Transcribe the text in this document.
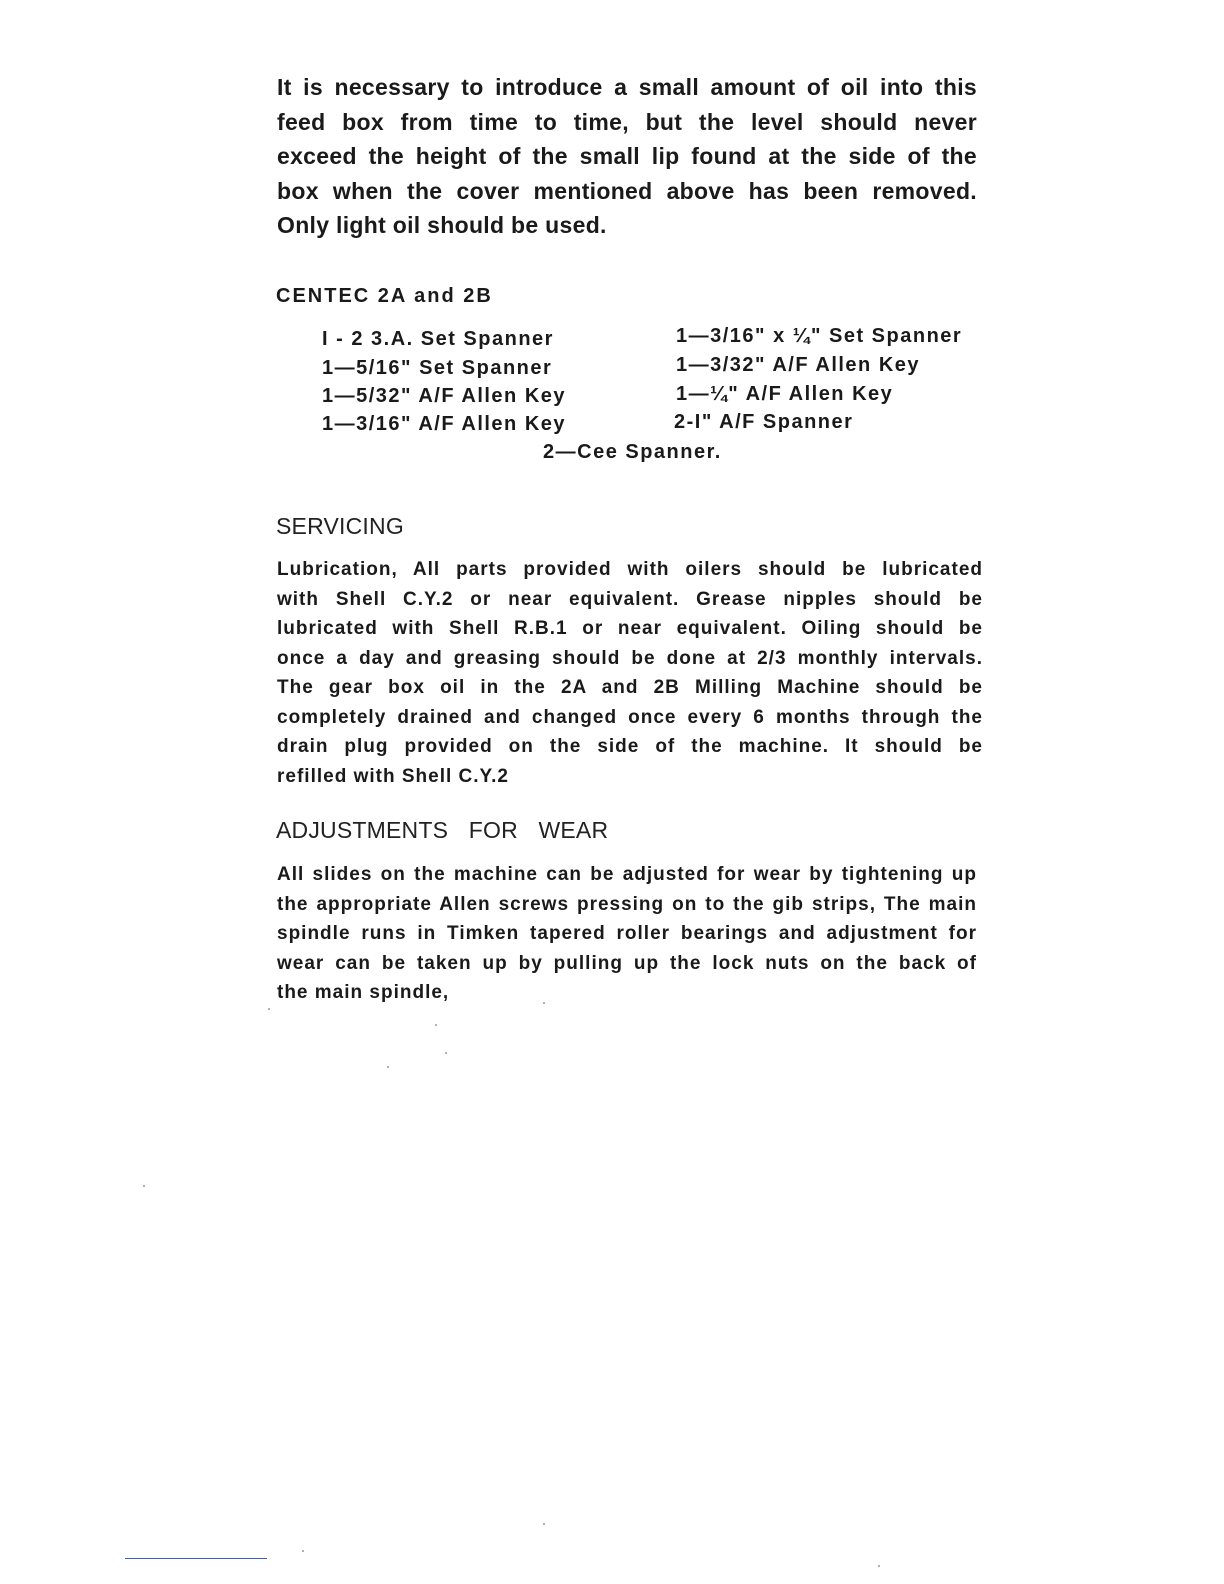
It is necessary to introduce a small amount of oil into this
feed box from time to time, but the level should never
exceed the height of the small lip found at the side of the
box when the cover mentioned above has been removed.
Only light oil should be used.
CENTEC 2A and 2B
I - 2 3.A. Set Spanner
1—5/16" Set Spanner
1—5/32" A/F Allen Key
1—3/16" A/F Allen Key
1—3/16" x ¼" Set Spanner
1—3/32" A/F Allen Key
1—¼" A/F Allen Key
2-I" A/F Spanner
2—Cee Spanner.
SERVICING
Lubrication, All parts provided with oilers should be lubricated
with Shell C.Y.2 or near equivalent. Grease nipples should be
lubricated with Shell R.B.1 or near equivalent. Oiling should be
once a day and greasing should be done at 2/3 monthly intervals.
The gear box oil in the 2A and 2B Milling Machine should be
completely drained and changed once every 6 months through the
drain plug provided on the side of the machine. It should be
refilled with Shell C.Y.2
ADJUSTMENTS FOR WEAR
All slides on the machine can be adjusted for wear by tightening up
the appropriate Allen screws pressing on to the gib strips, The main
spindle runs in Timken tapered roller bearings and adjustment for
wear can be taken up by pulling up the lock nuts on the back of
the main spindle,
